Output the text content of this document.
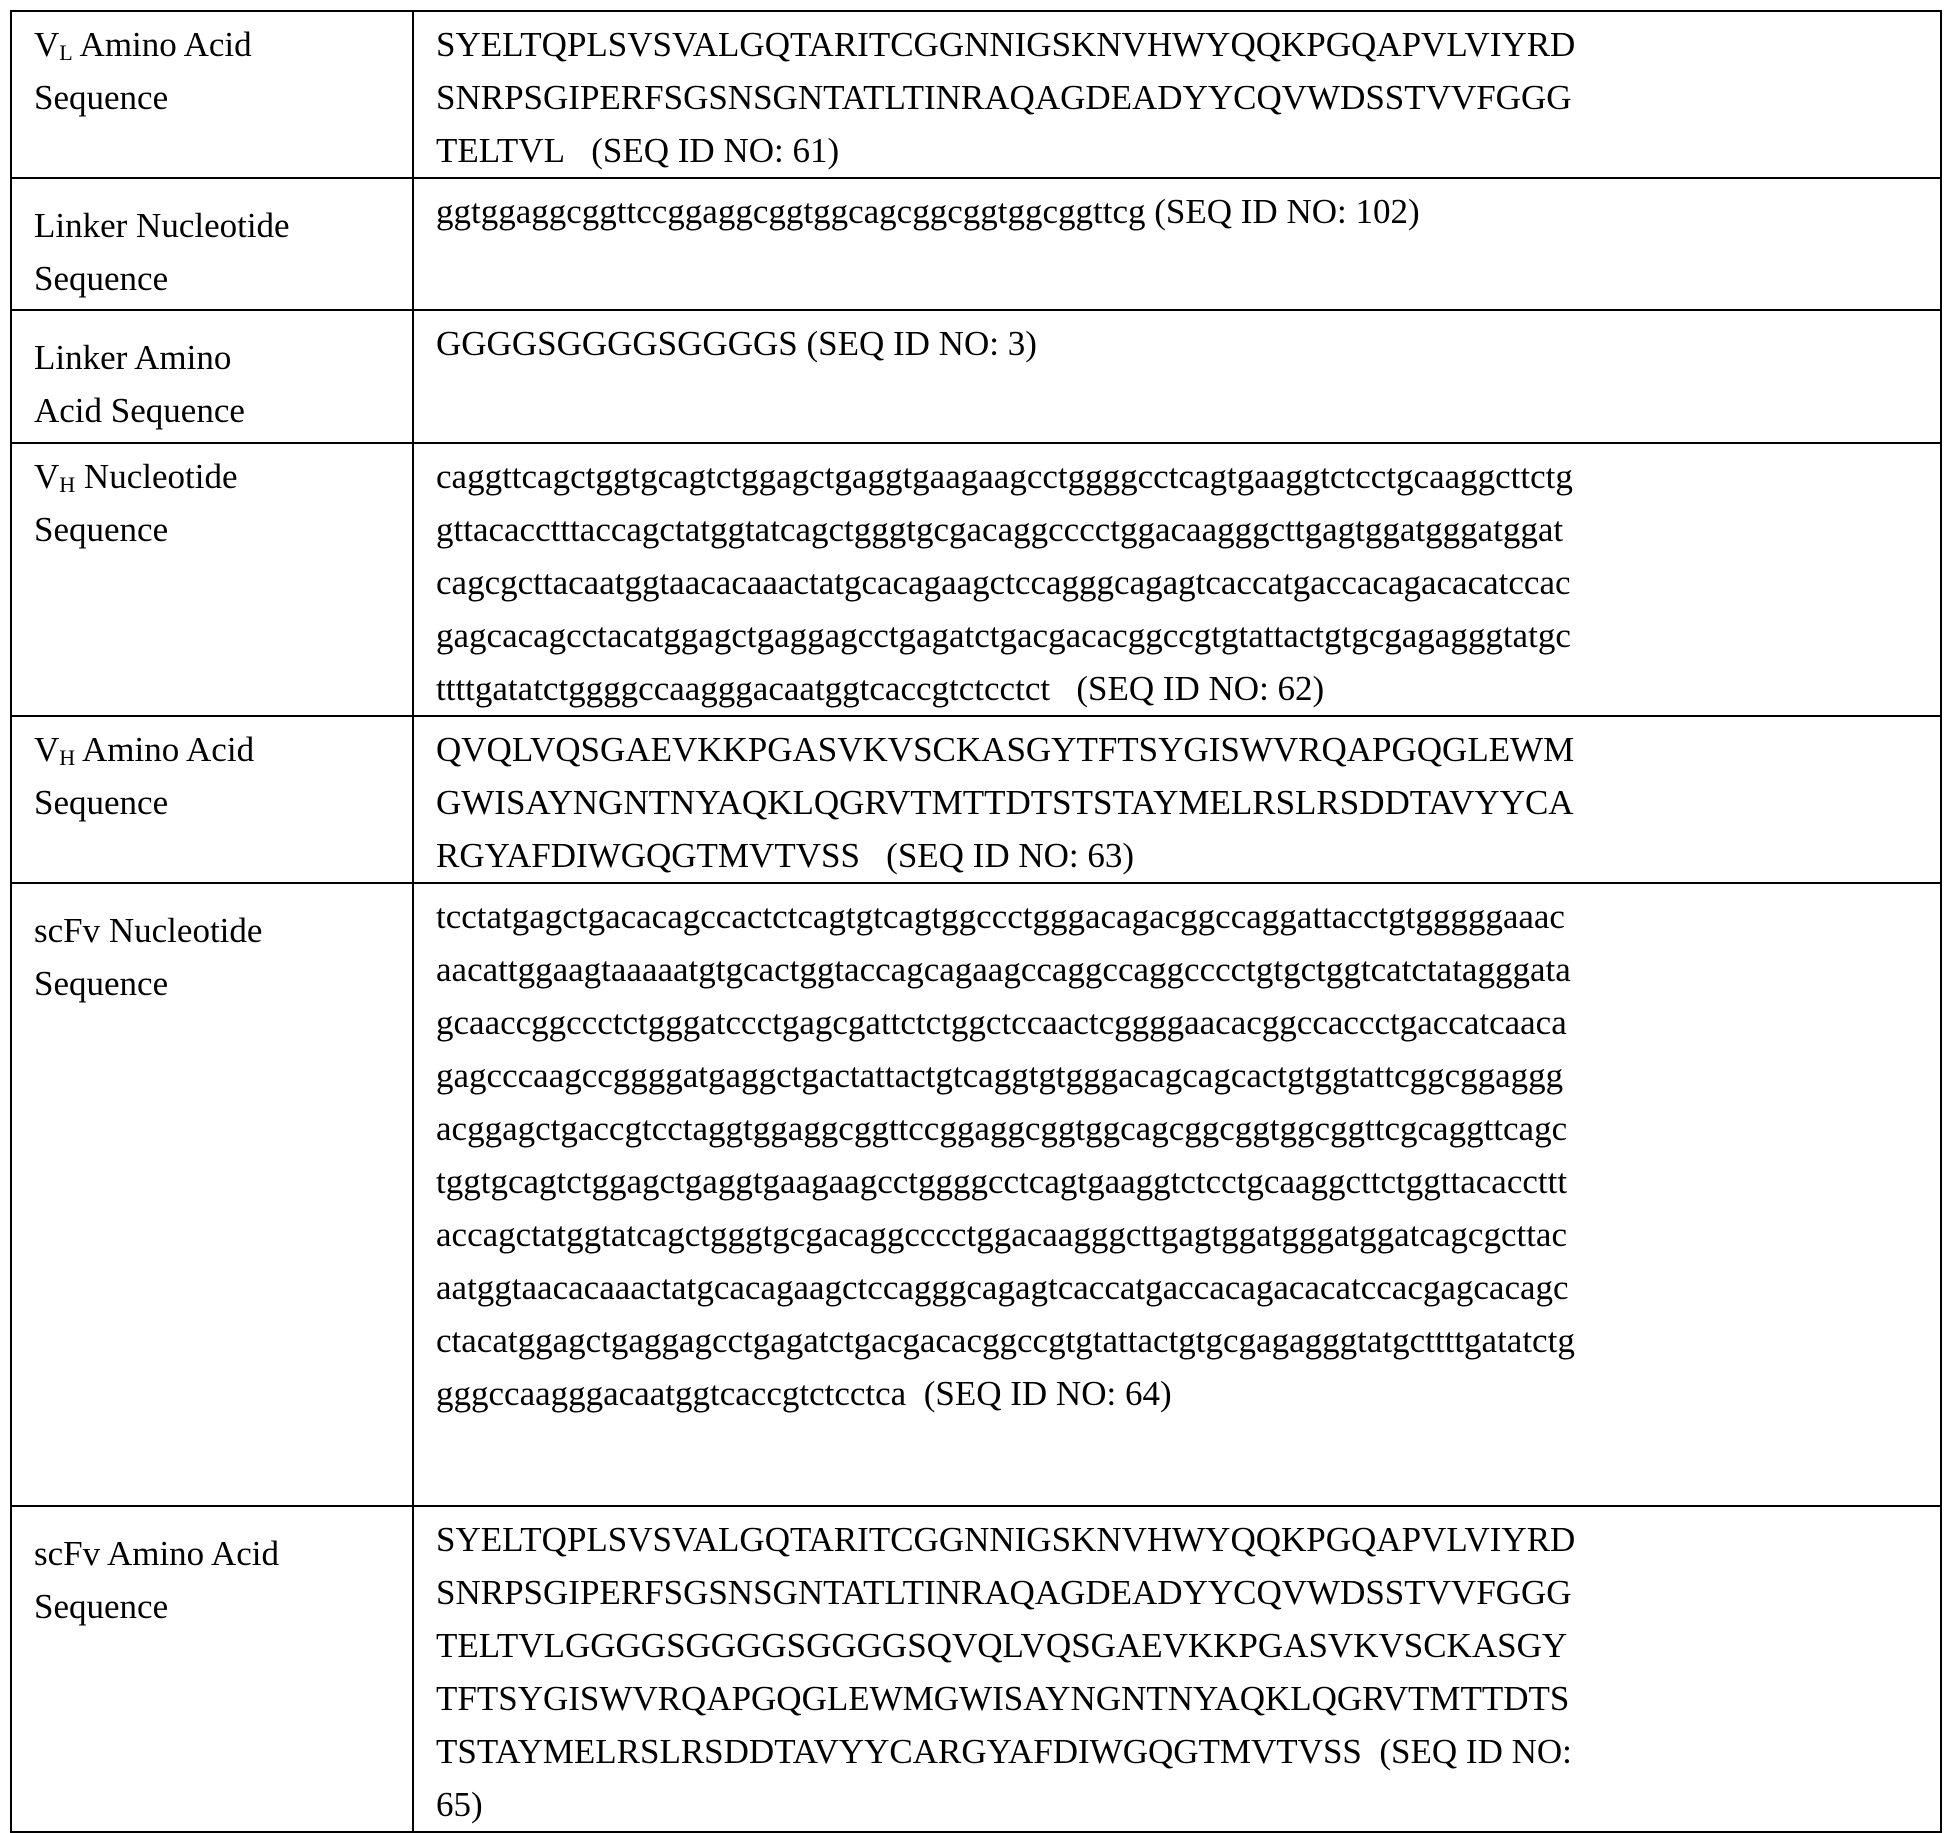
VL Amino Acid
Sequence

SYELTQPLSVSVALGQTARITCGGNNIGSKNVHWYQQKPGQAPVLVIYRD
SNRPSGIPERFSGSNSGNTATLTINRAQAGDEADYYCQVWDSSTVVFGGG
TELTVL   (SEQ ID NO: 61)

Linker Nucleotide
Sequence

ggtggaggcggttccggaggcggtggcagcggcggtggcggttcg (SEQ ID NO: 102)

Linker Amino
Acid Sequence

GGGGSGGGGSGGGGS (SEQ ID NO: 3)

VH Nucleotide
Sequence

caggttcagctggtgcagtctggagctgaggtgaagaagcctggggcctcagtgaaggtctcctgcaaggcttctg
gttacacctttaccagctatggtatcagctgggtgcgacaggcccctggacaagggcttgagtggatgggatggat
cagcgcttacaatggtaacacaaactatgcacagaagctccagggcagagtcaccatgaccacagacacatccac
gagcacagcctacatggagctgaggagcctgagatctgacgacacggccgtgtattactgtgcgagagggtatgc
ttttgatatctggggccaagggacaatggtcaccgtctcctct   (SEQ ID NO: 62)

VH Amino Acid
Sequence

QVQLVQSGAEVKKPGASVKVSCKASGYTFTSYGISWVRQAPGQGLEWM
GWISAYNGNTNYAQKLQGRVTMTTDTSTSTAYMELRSLRSDDTAVYYCA
RGYAFDIWGQGTMVTVSS   (SEQ ID NO: 63)

scFv Nucleotide
Sequence

tcctatgagctgacacagccactctcagtgtcagtggccctgggacagacggccaggattacctgtgggggaaac
aacattggaagtaaaaatgtgcactggtaccagcagaagccaggccaggcccctgtgctggtcatctatagggata
gcaaccggccctctgggatccctgagcgattctctggctccaactcggggaacacggccaccctgaccatcaaca
gagcccaagccggggatgaggctgactattactgtcaggtgtgggacagcagcactgtggtattcggcggaggg
acggagctgaccgtcctaggtggaggcggttccggaggcggtggcagcggcggtggcggttcgcaggttcagc
tggtgcagtctggagctgaggtgaagaagcctggggcctcagtgaaggtctcctgcaaggcttctggttacaccttt
accagctatggtatcagctgggtgcgacaggcccctggacaagggcttgagtggatgggatggatcagcgcttac
aatggtaacacaaactatgcacagaagctccagggcagagtcaccatgaccacagacacatccacgagcacagc
ctacatggagctgaggagcctgagatctgacgacacggccgtgtattactgtgcgagagggtatgcttttgatatctg
gggccaagggacaatggtcaccgtctcctca  (SEQ ID NO: 64)

scFv Amino Acid
Sequence

SYELTQPLSVSVALGQTARITCGGNNIGSKNVHWYQQKPGQAPVLVIYRD
SNRPSGIPERFSGSNSGNTATLTINRAQAGDEADYYCQVWDSSTVVFGGG
TELTVLGGGGSGGGGSGGGGSQVQLVQSGAEVKKPGASVKVSCKASGY
TFTSYGISWVRQAPGQGLEWMGWISAYNGNTNYAQKLQGRVTMTTDTS
TSTAYMELRSLRSDDTAVYYCARGYAFDIWGQGTMVTVSS  (SEQ ID NO:
65)
